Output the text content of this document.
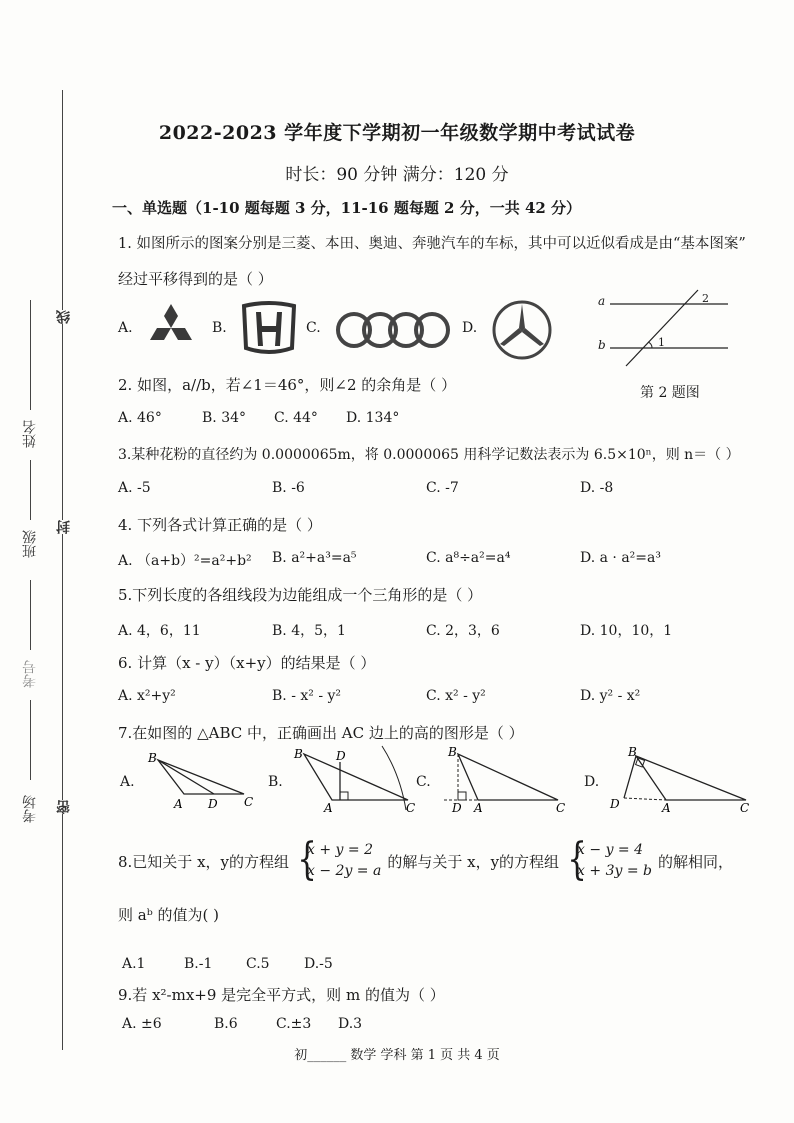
线
封
密
姓名
班级
考号
考场
2022-2023 学年度下学期初一年级数学期中考试试卷
时长：90 分钟 满分：120 分
一、单选题（1-10 题每题 3 分，11-16 题每题 2 分，一共 42 分）
1. 如图所示的图案分别是三菱、本田、奥迪、奔驰汽车的车标，其中可以近似看成是由“基本图案”
经过平移得到的是（ ）
A.	B.	C.	D.
a
b
2
1
第 2 题图
2. 如图，a//b，若∠1＝46°，则∠2 的余角是（ ）
A. 46°	B. 34° C. 44° D. 134°
3.某种花粉的直径约为 0.0000065m，将 0.0000065 用科学记数法表示为 6.5×10ⁿ，则 n＝（ ）
A. -5	B. -6	C. -7	D. -8
4. 下列各式计算正确的是（ ）
A. （a+b）²=a²+b² B. a²+a³=a⁵	C. a⁸÷a²=a⁴	D. a · a²=a³
5.下列长度的各组线段为边能组成一个三角形的是（ ）
A. 4，6，11	B. 4，5，1	C. 2，3，6	D. 10，10，1
6. 计算（x - y）（x+y）的结果是（ ）
A. x²+y²	B. - x² - y²	C. x² - y²	D. y² - x²
7.在如图的 △ABC 中，正确画出 AC 边上的高的图形是（ ）
A.
B
A D C
B.
B	D
A	C
C.
B
D A	C
D.
B
D	A	C
8.已知关于 x，y的方程组
{ x + y = 2
x − 2y = a
的解与关于 x，y的方程组
{ x − y = 4
x + 3y = b
的解相同，
则 aᵇ 的值为( )
A.1	B.-1 C.5 D.-5
9.若 x²-mx+9 是完全平方式，则 m 的值为（ ）
A. ±6	B.6	C.±3 D.3
初______ 数学 学科 第 1 页 共 4 页
